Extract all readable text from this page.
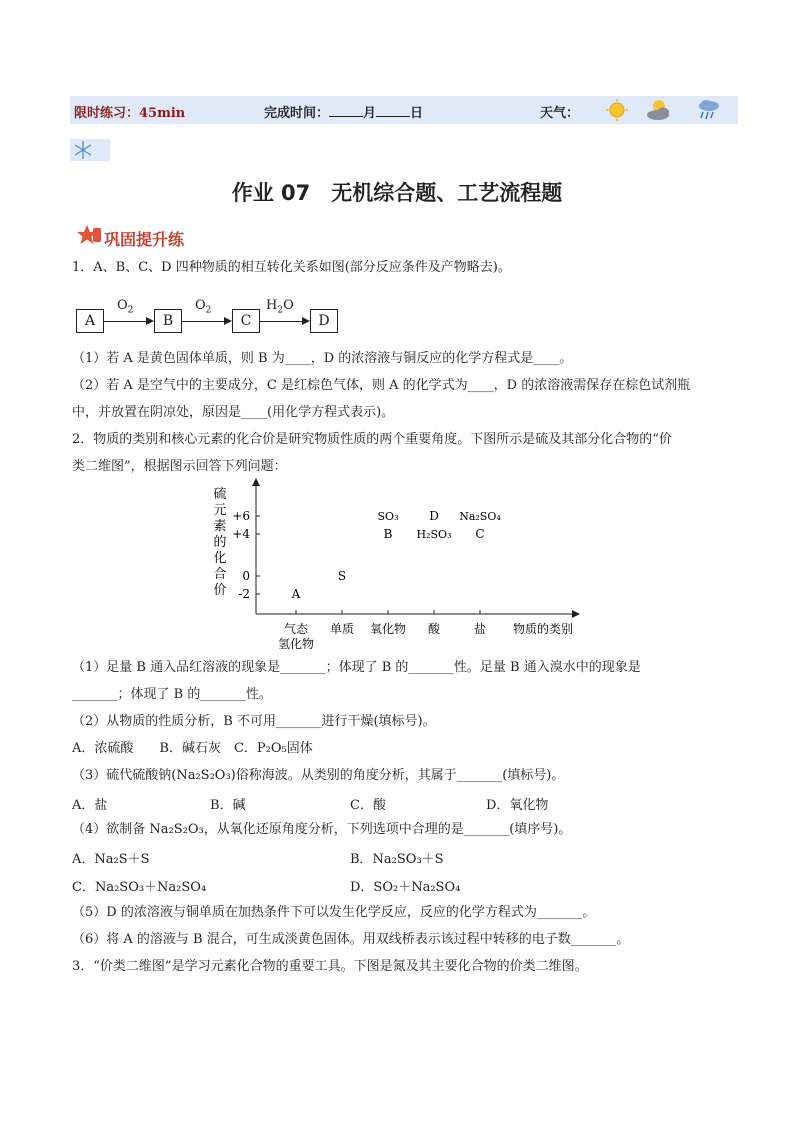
限时练习：45min	完成时间：	月	日	天气：
作业 07　无机综合题、工艺流程题
巩固提升练
1．A、B、C、D 四种物质的相互转化关系如图(部分反应条件及产物略去)。
A	B	C	D
$O_2$	$O_2$	$H_2O$
（1）若 A 是黄色固体单质，则 B 为____，D 的浓溶液与铜反应的化学方程式是____。
（2）若 A 是空气中的主要成分，C 是红棕色气体，则 A 的化学式为____，D 的浓溶液需保存在棕色试剂瓶
中，并放置在阴凉处，原因是____(用化学方程式表示)。
2．物质的类别和核心元素的化合价是研究物质性质的两个重要角度。下图所示是硫及其部分化合物的“价
类二维图”，根据图示回答下列问题：
硫元素的化合价
物质的类别
+6
+4
0
-2
气态氢化物
单质 氧化物 酸	盐
A
S
SO₃
B
D
H₂SO₃
Na₂SO₄
C
（1）足量 B 通入品红溶液的现象是_______；体现了 B 的_______性。足量 B 通入溴水中的现象是
_______；体现了 B 的_______性。
（2）从物质的性质分析，B 不可用_______进行干燥(填标号)。
A．浓硫酸　　B．碱石灰　C．P₂O₅固体
（3）硫代硫酸钠(Na₂S₂O₃)俗称海波。从类别的角度分析，其属于_______(填标号)。
A．盐	B．碱	C．酸	D．氧化物
（4）欲制备 Na₂S₂O₃，从氧化还原角度分析，下列选项中合理的是_______(填序号)。
A．Na₂S＋S	B．Na₂SO₃＋S
C．Na₂SO₃＋Na₂SO₄	D．SO₂＋Na₂SO₄
（5）D 的浓溶液与铜单质在加热条件下可以发生化学反应，反应的化学方程式为_______。
（6）将 A 的溶液与 B 混合，可生成淡黄色固体。用双线桥表示该过程中转移的电子数_______。
3．“价类二维图”是学习元素化合物的重要工具。下图是氮及其主要化合物的价类二维图。
